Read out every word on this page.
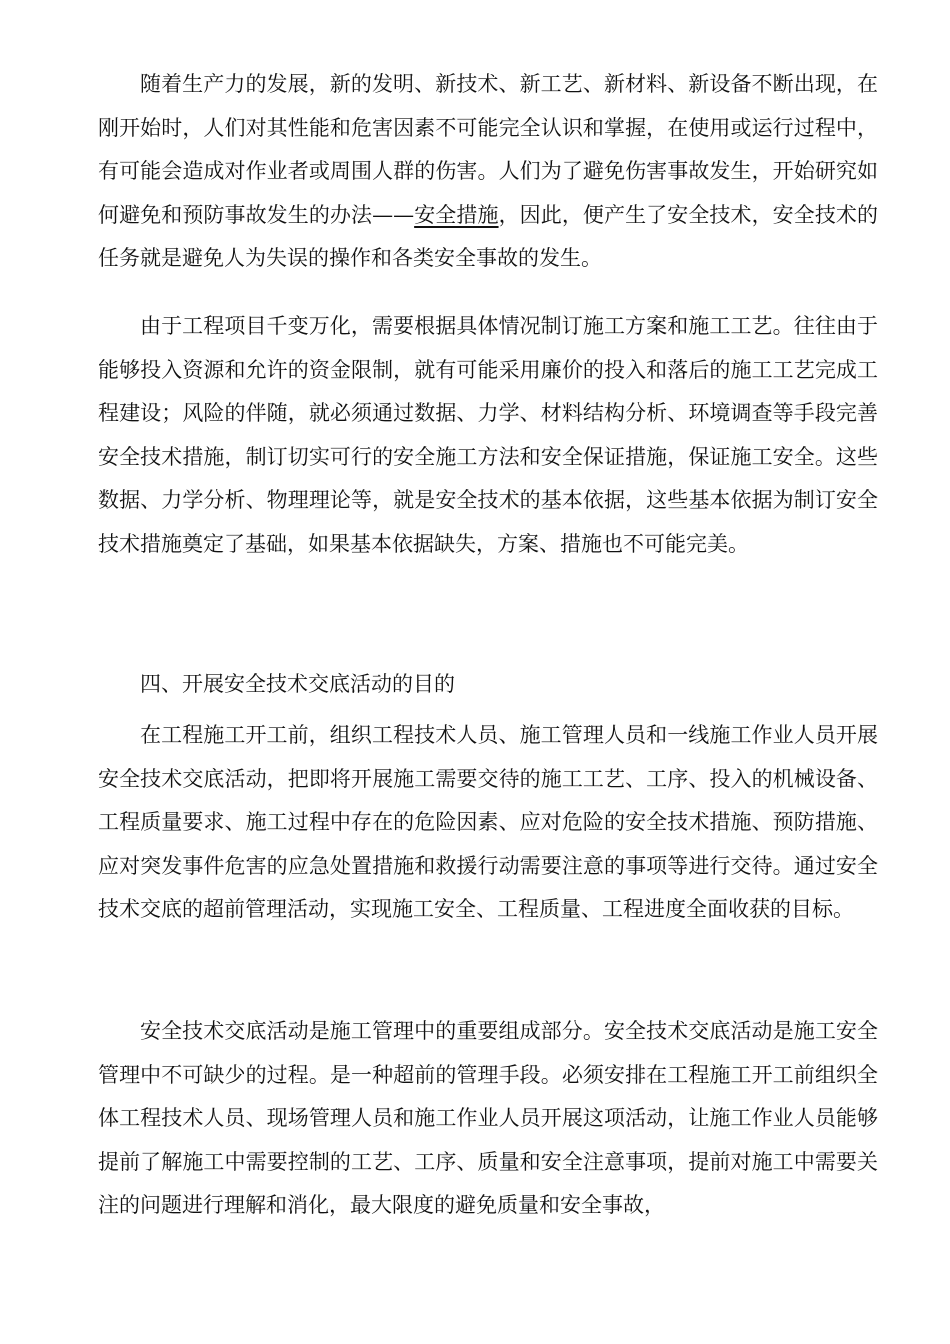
随着生产力的发展，新的发明、新技术、新工艺、新材料、新设备不断出现，在刚开始时，人们对其性能和危害因素不可能完全认识和掌握，在使用或运行过程中，有可能会造成对作业者或周围人群的伤害。人们为了避免伤害事故发生，开始研究如何避免和预防事故发生的办法——安全措施，因此，便产生了安全技术，安全技术的任务就是避免人为失误的操作和各类安全事故的发生。

由于工程项目千变万化，需要根据具体情况制订施工方案和施工工艺。往往由于能够投入资源和允许的资金限制，就有可能采用廉价的投入和落后的施工工艺完成工程建设；风险的伴随，就必须通过数据、力学、材料结构分析、环境调查等手段完善安全技术措施，制订切实可行的安全施工方法和安全保证措施，保证施工安全。这些数据、力学分析、物理理论等，就是安全技术的基本依据，这些基本依据为制订安全技术措施奠定了基础，如果基本依据缺失，方案、措施也不可能完美。

四、开展安全技术交底活动的目的

在工程施工开工前，组织工程技术人员、施工管理人员和一线施工作业人员开展安全技术交底活动，把即将开展施工需要交待的施工工艺、工序、投入的机械设备、工程质量要求、施工过程中存在的危险因素、应对危险的安全技术措施、预防措施、应对突发事件危害的应急处置措施和救援行动需要注意的事项等进行交待。通过安全技术交底的超前管理活动，实现施工安全、工程质量、工程进度全面收获的目标。

安全技术交底活动是施工管理中的重要组成部分。安全技术交底活动是施工安全管理中不可缺少的过程。是一种超前的管理手段。必须安排在工程施工开工前组织全体工程技术人员、现场管理人员和施工作业人员开展这项活动，让施工作业人员能够提前了解施工中需要控制的工艺、工序、质量和安全注意事项，提前对施工中需要关注的问题进行理解和消化，最大限度的避免质量和安全事故，
